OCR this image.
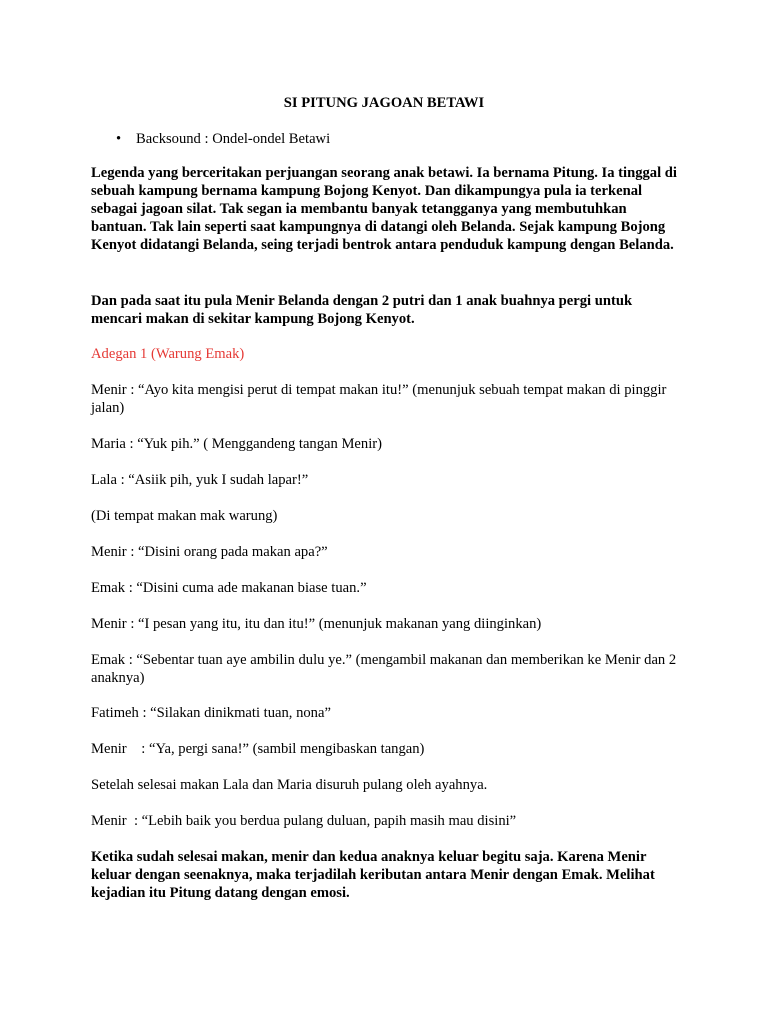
SI PITUNG JAGOAN BETAWI
•	Backsound : Ondel-ondel Betawi

Legenda yang berceritakan perjuangan seorang anak betawi. Ia bernama Pitung. Ia tinggal di sebuah kampung bernama kampung Bojong Kenyot. Dan dikampungya pula ia terkenal sebagai jagoan silat. Tak segan ia membantu banyak tetangganya yang membutuhkan bantuan. Tak lain seperti saat kampungnya di datangi oleh Belanda. Sejak kampung Bojong Kenyot didatangi Belanda, seing terjadi bentrok antara penduduk kampung dengan Belanda.

Dan pada saat itu pula Menir Belanda dengan 2 putri dan 1 anak buahnya pergi untuk mencari makan di sekitar kampung Bojong Kenyot.

Adegan 1 (Warung Emak)

Menir : “Ayo kita mengisi perut di tempat makan itu!” (menunjuk sebuah tempat makan di pinggir jalan)

Maria : “Yuk pih.” ( Menggandeng tangan Menir)

Lala : “Asiik pih, yuk I sudah lapar!”

(Di tempat makan mak warung)

Menir : “Disini orang pada makan apa?”

Emak : “Disini cuma ade makanan biase tuan.”

Menir : “I pesan yang itu, itu dan itu!” (menunjuk makanan yang diinginkan)

Emak : “Sebentar tuan aye ambilin dulu ye.” (mengambil makanan dan memberikan ke Menir dan 2 anaknya)

Fatimeh : “Silakan dinikmati tuan, nona”

Menir    : “Ya, pergi sana!” (sambil mengibaskan tangan)

Setelah selesai makan Lala dan Maria disuruh pulang oleh ayahnya.

Menir  : “Lebih baik you berdua pulang duluan, papih masih mau disini”

Ketika sudah selesai makan, menir dan kedua anaknya keluar begitu saja. Karena Menir keluar dengan seenaknya, maka terjadilah keributan antara Menir dengan Emak. Melihat kejadian itu Pitung datang dengan emosi.
